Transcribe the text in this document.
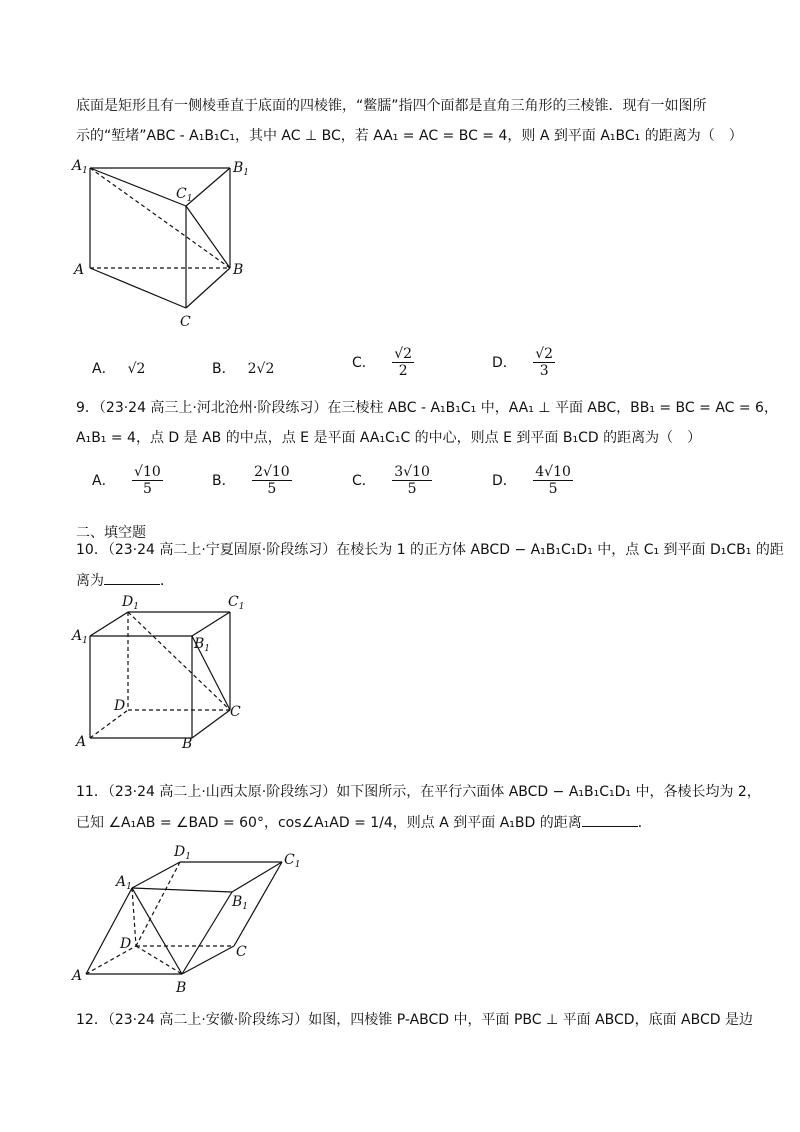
底面是矩形且有一侧棱垂直于底面的四棱锥，“鳖臑”指四个面都是直角三角形的三棱锥．现有一如图所
示的“堑堵”ABC - A₁B₁C₁，其中 AC ⊥ BC，若 AA₁ = AC = BC = 4，则 A 到平面 A₁BC₁ 的距离为（　）
$A_1$	$B_1$
$C_1$
A	B
C
A． √2	B． 2√2	C． $\frac{√2}{2}$	D． $\frac{√2}{3}$
9．（23·24 高三上·河北沧州·阶段练习）在三棱柱 ABC - A₁B₁C₁ 中，AA₁ ⊥ 平面 ABC，BB₁ = BC = AC = 6，
A₁B₁ = 4，点 D 是 AB 的中点，点 E 是平面 AA₁C₁C 的中心，则点 E 到平面 B₁CD 的距离为（　）
A． $\frac{√10}{5}$	B． $\frac{2√10}{5}$	C． $\frac{3√10}{5}$	D． $\frac{4√10}{5}$
二、填空题
10．（23·24 高二上·宁夏固原·阶段练习）在棱长为 1 的正方体 ABCD − A₁B₁C₁D₁ 中，点 C₁ 到平面 D₁CB₁ 的距
离为	．
$D_1$	$C_1$
$A_1$	$B_1$
D	C
A	B
11．（23·24 高二上·山西太原·阶段练习）如下图所示，在平行六面体 ABCD − A₁B₁C₁D₁ 中，各棱长均为 2，
已知 ∠A₁AB = ∠BAD = 60°，cos∠A₁AD = 1/4，则点 A 到平面 A₁BD 的距离	．
$D_1$	$C_1$
$A_1$
$B_1$
D	C
A
B
12．（23·24 高二上·安徽·阶段练习）如图，四棱锥 P-ABCD 中，平面 PBC ⊥ 平面 ABCD，底面 ABCD 是边
